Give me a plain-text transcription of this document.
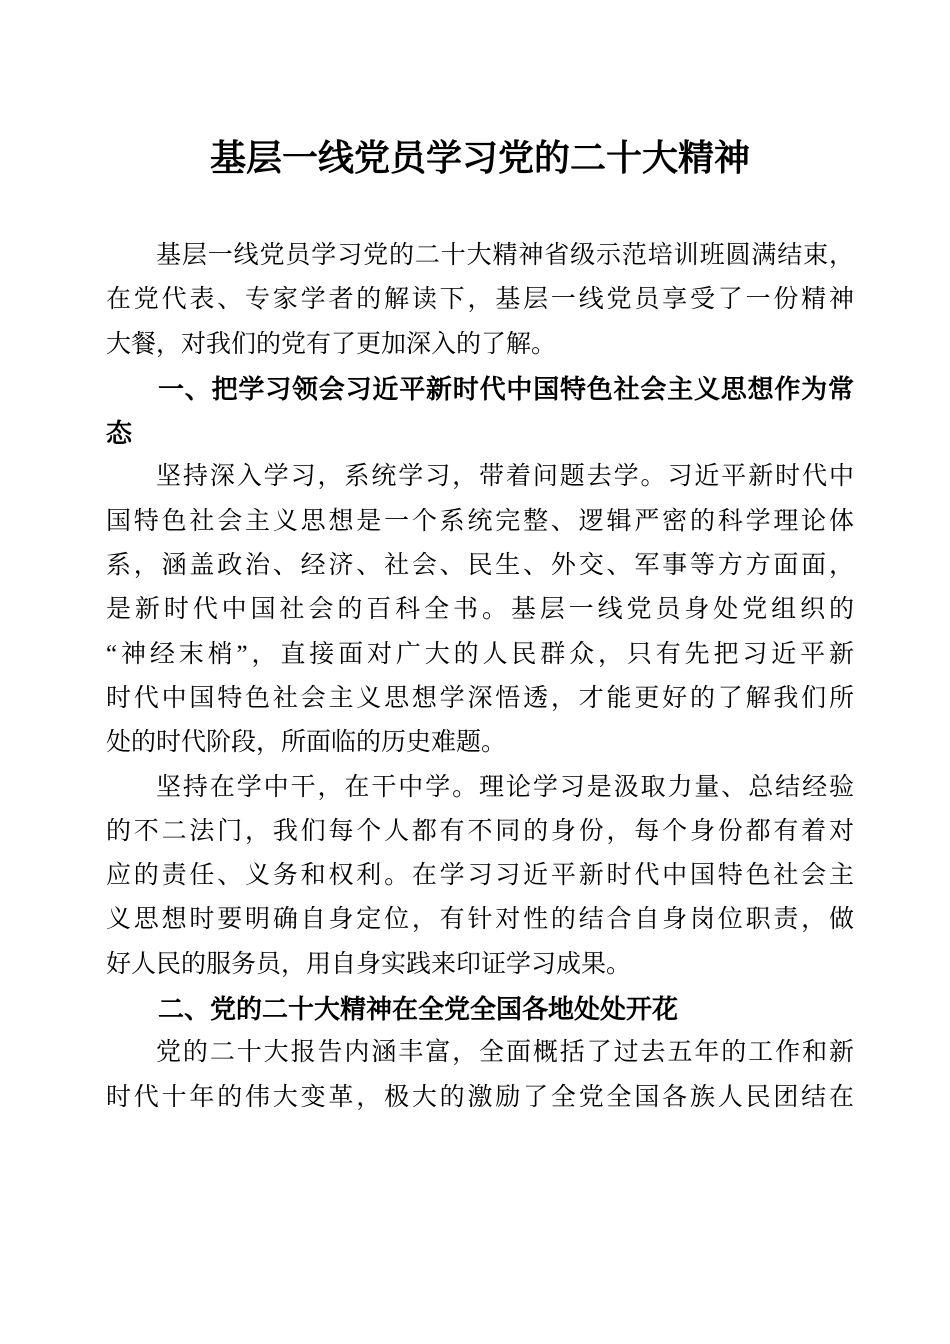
基层一线党员学习党的二十大精神
基层一线党员学习党的二十大精神省级示范培训班圆满结束，
在党代表、专家学者的解读下，基层一线党员享受了一份精神
大餐，对我们的党有了更加深入的了解。
一、把学习领会习近平新时代中国特色社会主义思想作为常
态
坚持深入学习，系统学习，带着问题去学。习近平新时代中
国特色社会主义思想是一个系统完整、逻辑严密的科学理论体
系，涵盖政治、经济、社会、民生、外交、军事等方方面面，
是新时代中国社会的百科全书。基层一线党员身处党组织的
“神经末梢”，直接面对广大的人民群众，只有先把习近平新
时代中国特色社会主义思想学深悟透，才能更好的了解我们所
处的时代阶段，所面临的历史难题。
坚持在学中干，在干中学。理论学习是汲取力量、总结经验
的不二法门，我们每个人都有不同的身份，每个身份都有着对
应的责任、义务和权利。在学习习近平新时代中国特色社会主
义思想时要明确自身定位，有针对性的结合自身岗位职责，做
好人民的服务员，用自身实践来印证学习成果。
二、党的二十大精神在全党全国各地处处开花
党的二十大报告内涵丰富，全面概括了过去五年的工作和新
时代十年的伟大变革，极大的激励了全党全国各族人民团结在
